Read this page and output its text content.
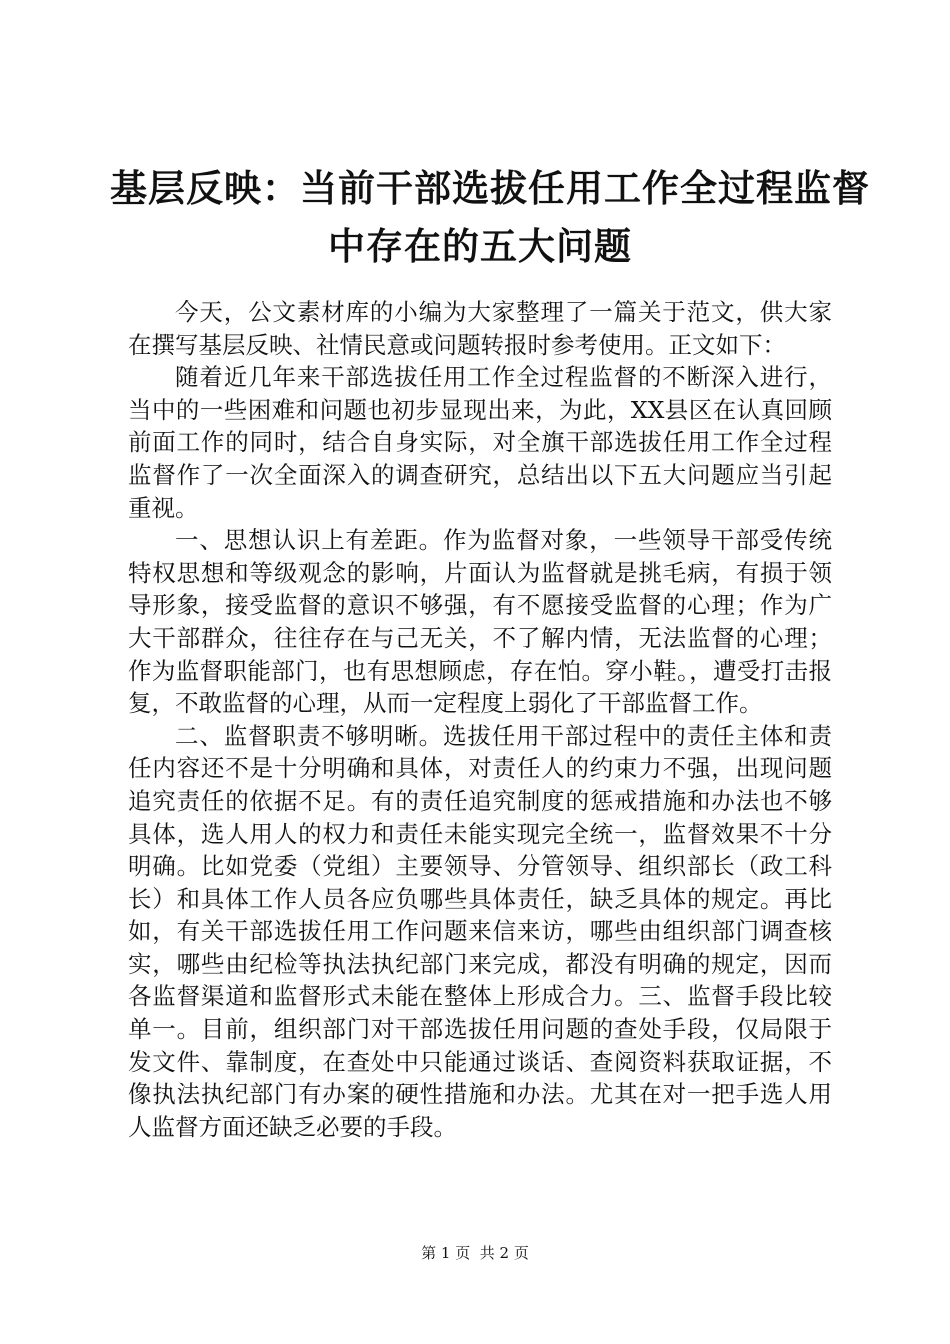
基层反映：当前干部选拔任用工作全过程监督
中存在的五大问题

今天，公文素材库的小编为大家整理了一篇关于范文，供大家在撰写基层反映、社情民意或问题转报时参考使用。正文如下：

随着近几年来干部选拔任用工作全过程监督的不断深入进行，当中的一些困难和问题也初步显现出来，为此，XX县区在认真回顾前面工作的同时，结合自身实际，对全旗干部选拔任用工作全过程监督作了一次全面深入的调查研究，总结出以下五大问题应当引起重视。

一、思想认识上有差距。作为监督对象，一些领导干部受传统特权思想和等级观念的影响，片面认为监督就是挑毛病，有损于领导形象，接受监督的意识不够强，有不愿接受监督的心理；作为广大干部群众，往往存在与己无关，不了解内情，无法监督的心理；作为监督职能部门，也有思想顾虑，存在怕。穿小鞋。，遭受打击报复，不敢监督的心理，从而一定程度上弱化了干部监督工作。

二、监督职责不够明晰。选拔任用干部过程中的责任主体和责任内容还不是十分明确和具体，对责任人的约束力不强，出现问题追究责任的依据不足。有的责任追究制度的惩戒措施和办法也不够具体，选人用人的权力和责任未能实现完全统一，监督效果不十分明确。比如党委（党组）主要领导、分管领导、组织部长（政工科长）和具体工作人员各应负哪些具体责任，缺乏具体的规定。再比如，有关干部选拔任用工作问题来信来访，哪些由组织部门调查核实，哪些由纪检等执法执纪部门来完成，都没有明确的规定，因而各监督渠道和监督形式未能在整体上形成合力。三、监督手段比较单一。目前，组织部门对干部选拔任用问题的查处手段，仅局限于发文件、靠制度，在查处中只能通过谈话、查阅资料获取证据，不像执法执纪部门有办案的硬性措施和办法。尤其在对一把手选人用人监督方面还缺乏必要的手段。

第 1 页  共 2 页
